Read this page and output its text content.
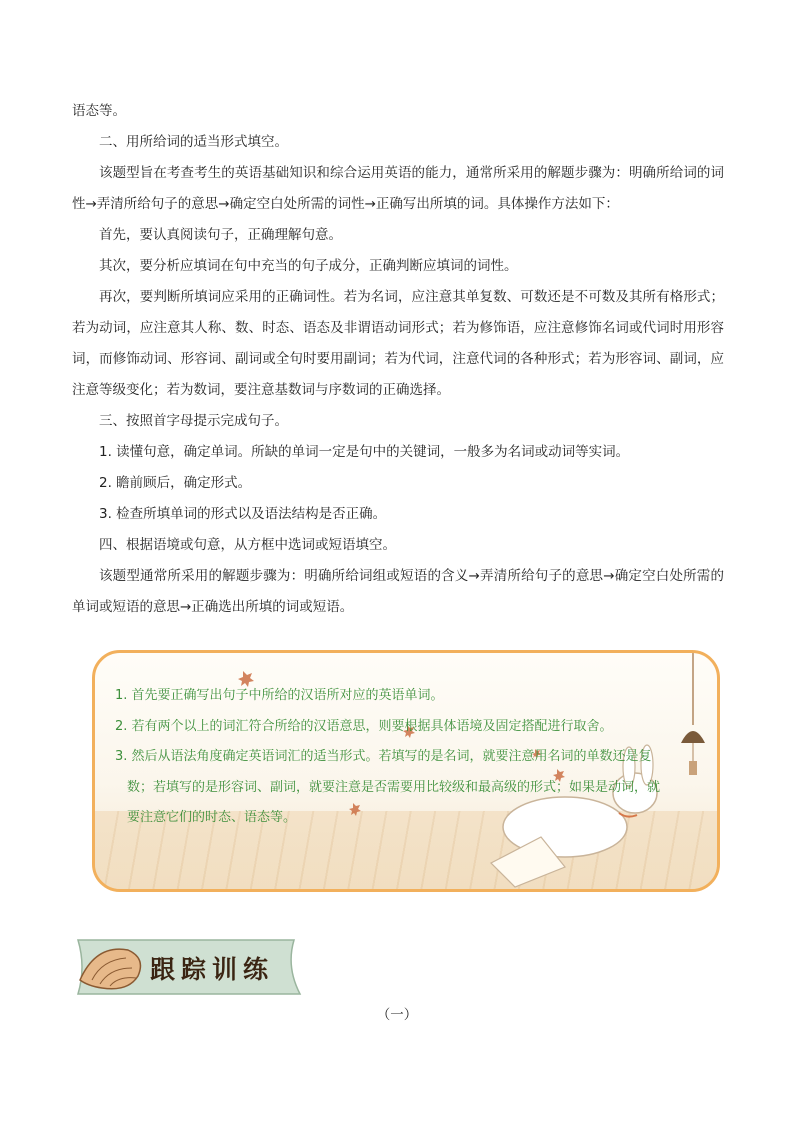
语态等。

二、用所给词的适当形式填空。

该题型旨在考查考生的英语基础知识和综合运用英语的能力，通常所采用的解题步骤为：明确所给词的词性→弄清所给句子的意思→确定空白处所需的词性→正确写出所填的词。具体操作方法如下：

首先，要认真阅读句子，正确理解句意。

其次，要分析应填词在句中充当的句子成分，正确判断应填词的词性。

再次，要判断所填词应采用的正确词性。若为名词，应注意其单复数、可数还是不可数及其所有格形式；若为动词，应注意其人称、数、时态、语态及非谓语动词形式；若为修饰语，应注意修饰名词或代词时用形容词，而修饰动词、形容词、副词或全句时要用副词；若为代词，注意代词的各种形式；若为形容词、副词，应注意等级变化；若为数词，要注意基数词与序数词的正确选择。

三、按照首字母提示完成句子。

1. 读懂句意，确定单词。所缺的单词一定是句中的关键词，一般多为名词或动词等实词。

2. 瞻前顾后，确定形式。

3. 检查所填单词的形式以及语法结构是否正确。

四、根据语境或句意，从方框中选词或短语填空。

该题型通常所采用的解题步骤为：明确所给词组或短语的含义→弄清所给句子的意思→确定空白处所需的单词或短语的意思→正确选出所填的词或短语。

1. 首先要正确写出句子中所给的汉语所对应的英语单词。

2. 若有两个以上的词汇符合所给的汉语意思，则要根据具体语境及固定搭配进行取舍。

3. 然后从语法角度确定英语词汇的适当形式。若填写的是名词，就要注意用名词的单数还是复

数；若填写的是形容词、副词，就要注意是否需要用比较级和最高级的形式；如果是动词，就

要注意它们的时态、语态等。

跟踪训练
（一）
